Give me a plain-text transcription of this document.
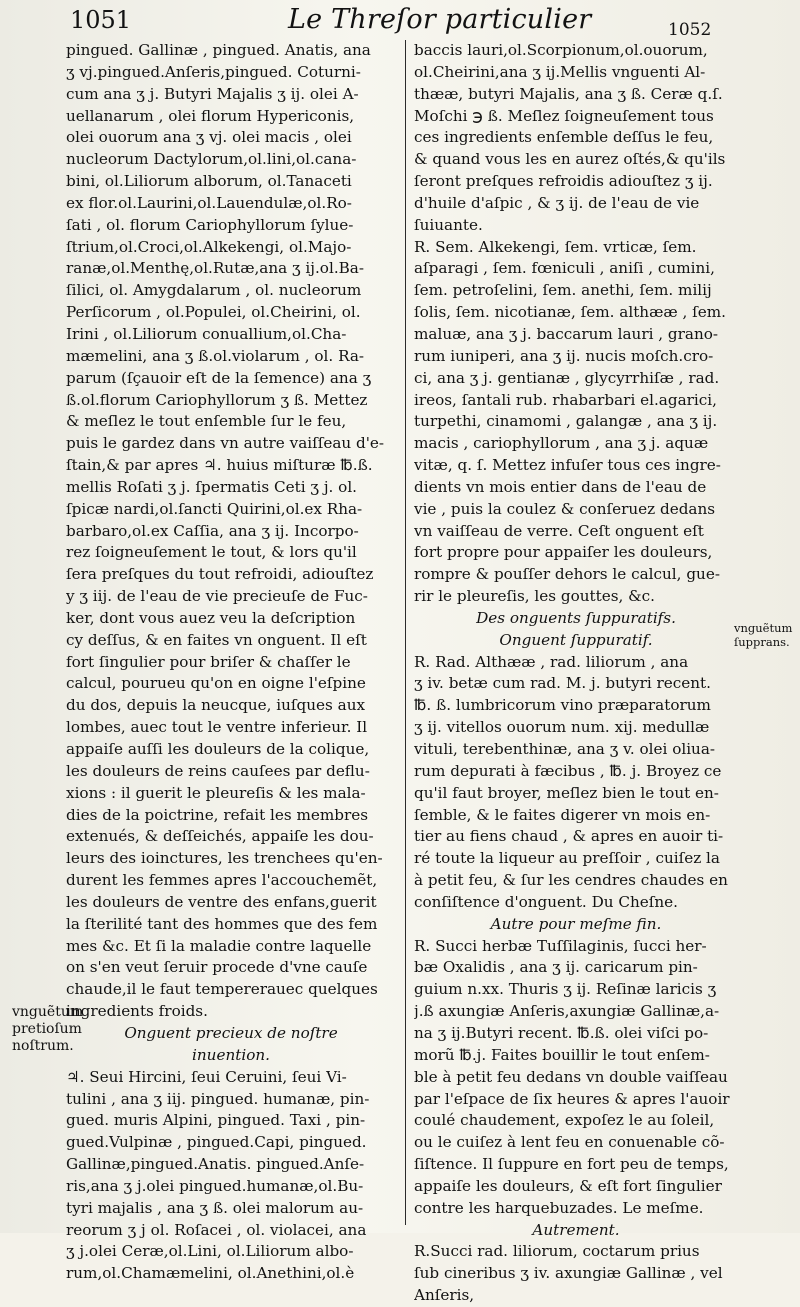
1051	Le Threſor particulier	1052
pingued. Gallinæ , pingued. Anatis, ana
ʒ vj.pingued.Anſeris,pingued. Coturni-
cum ana ʒ j. Butyri Majalis ʒ ij. olei A-
uellanarum , olei florum Hypericonis,
olei ouorum ana ʒ vj. olei macis , olei
nucleorum Dactylorum,ol.lini,ol.cana-
bini, ol.Liliorum alborum, ol.Tanaceti
ex flor.ol.Laurini,ol.Lauendulæ,ol.Ro-
ſati , ol. florum Cariophyllorum ſylue-
ſtrium,ol.Croci,ol.Alkekengi, ol.Majo-
ranæ,ol.Menthę,ol.Rutæ,ana ʒ ij.ol.Ba-
ſilici, ol. Amygdalarum , ol. nucleorum
Perſicorum , ol.Populei, ol.Cheirini, ol.
Irini , ol.Liliorum conuallium,ol.Cha-
mæmelini, ana ʒ ß.ol.violarum , ol. Ra-
parum (ſçauoir eſt de la ſemence) ana ʒ
ß.ol.florum Cariophyllorum ʒ ß. Mettez
& meſlez le tout enſemble ſur le feu,
puis le gardez dans vn autre vaiſſeau d'e-
ſtain,& par apres ♃. huius miſturæ ℔.ß.
mellis Roſati ʒ j. ſpermatis Ceti ʒ j. ol.
ſpicæ nardi,ol.ſancti Quirini,ol.ex Rha-
barbaro,ol.ex Caſſia, ana ʒ ij. Incorpo-
rez ſoigneuſement le tout, & lors qu'il
ſera preſques du tout refroidi, adiouſtez
y ʒ iij. de l'eau de vie precieuſe de Fuc-
ker, dont vous auez veu la deſcription
cy deſſus, & en faites vn onguent. Il eſt
fort ſingulier pour briſer & chaſſer le
calcul, pourueu qu'on en oigne l'eſpine
du dos, depuis la neucque, iuſques aux
lombes, auec tout le ventre inferieur. Il
appaiſe auſſi les douleurs de la colique,
les douleurs de reins cauſees par deflu-
xions : il guerit le pleureſis & les mala-
dies de la poictrine, refait les membres
extenués, & deſſeichés, appaiſe les dou-
leurs des ioinctures, les trenchees qu'en-
durent les femmes apres l'accouchemẽt,
les douleurs de ventre des enfans,guerit
la ſterilité tant des hommes que des fem
mes &c. Et ſi la maladie contre laquelle
on s'en veut ſeruir procede d'vne cauſe
chaude,il le faut tempererauec quelques
ingredients froids.
Onguent precieux de noſtre
inuention.
♃. Seui Hircini, ſeui Ceruini, ſeui Vi-
tulini , ana ʒ iij. pingued. humanæ, pin-
gued. muris Alpini, pingued. Taxi , pin-
gued.Vulpinæ , pingued.Capi, pingued.
Gallinæ,pingued.Anatis. pingued.Anſe-
ris,ana ʒ j.olei pingued.humanæ,ol.Bu-
tyri majalis , ana ʒ ß. olei malorum au-
reorum ʒ j ol. Roſacei , ol. violacei, ana
ʒ j.olei Ceræ,ol.Lini, ol.Liliorum albo-
rum,ol.Chamæmelini, ol.Anethini,ol.è
baccis lauri,ol.Scorpionum,ol.ouorum,
ol.Cheirini,ana ʒ ij.Mellis vnguenti Al-
thææ, butyri Majalis, ana ʒ ß. Ceræ q.ſ.
Moſchi ℈ ß. Meſlez ſoigneuſement tous
ces ingredients enſemble deſſus le feu,
& quand vous les en aurez oſtés,& qu'ils
ſeront preſques refroidis adiouſtez ʒ ij.
d'huile d'aſpic , & ʒ ij. de l'eau de vie
ſuiuante.
R. Sem. Alkekengi, ſem. vrticæ, ſem.
aſparagi , ſem. fœniculi , aniſi , cumini,
ſem. petroſelini, ſem. anethi, ſem. milij
ſolis, ſem. nicotianæ, ſem. althææ , ſem.
maluæ, ana ʒ j. baccarum lauri , grano-
rum iuniperi, ana ʒ ij. nucis moſch.cro-
ci, ana ʒ j. gentianæ , glycyrrhiſæ , rad.
ireos, ſantali rub. rhabarbari el.agarici,
turpethi, cinamomi , galangæ , ana ʒ ij.
macis , cariophyllorum , ana ʒ j. aquæ
vitæ, q. ſ. Mettez infuſer tous ces ingre-
dients vn mois entier dans de l'eau de
vie , puis la coulez & conſeruez dedans
vn vaiſſeau de verre. Ceſt onguent eſt
fort propre pour appaiſer les douleurs,
rompre & pouſſer dehors le calcul, gue-
rir le pleureſis, les gouttes, &c.
Des onguents ſuppuratifs.
Onguent ſuppuratif.
R. Rad. Althææ , rad. liliorum , ana
ʒ iv. betæ cum rad. M. j. butyri recent.
℔. ß. lumbricorum vino præparatorum
ʒ ij. vitellos ouorum num. xij. medullæ
vituli, terebenthinæ, ana ʒ v. olei oliua-
rum depurati à fæcibus , ℔. j. Broyez ce
qu'il faut broyer, meſlez bien le tout en-
ſemble, & le faites digerer vn mois en-
tier au fiens chaud , & apres en auoir ti-
ré toute la liqueur au preſſoir , cuiſez la
à petit feu, & ſur les cendres chaudes en
conſiſtence d'onguent. Du Cheſne.
Autre pour meſme fin.
R. Succi herbæ Tuſſilaginis, ſucci her-
bæ Oxalidis , ana ʒ ij. caricarum pin-
guium n.xx. Thuris ʒ ij. Reſinæ laricis ʒ
j.ß axungiæ Anſeris,axungiæ Gallinæ,a-
na ʒ ij.Butyri recent. ℔.ß. olei viſci po-
morũ ℔.j. Faites bouillir le tout enſem-
ble à petit feu dedans vn double vaiſſeau
par l'eſpace de ſix heures & apres l'auoir
coulé chaudement, expoſez le au ſoleil,
ou le cuiſez à lent feu en conuenable cõ-
ſiſtence. Il ſuppure en fort peu de temps,
appaiſe les douleurs, & eſt fort ſingulier
contre les harquebuzades. Le meſme.
Autrement.
R.Succi rad. liliorum, coctarum prius
ſub cineribus ʒ iv. axungiæ Gallinæ , vel
Anſeris,
vnguẽtum
pretioſum
noſtrum.
vnguẽtum
ſupprans.
